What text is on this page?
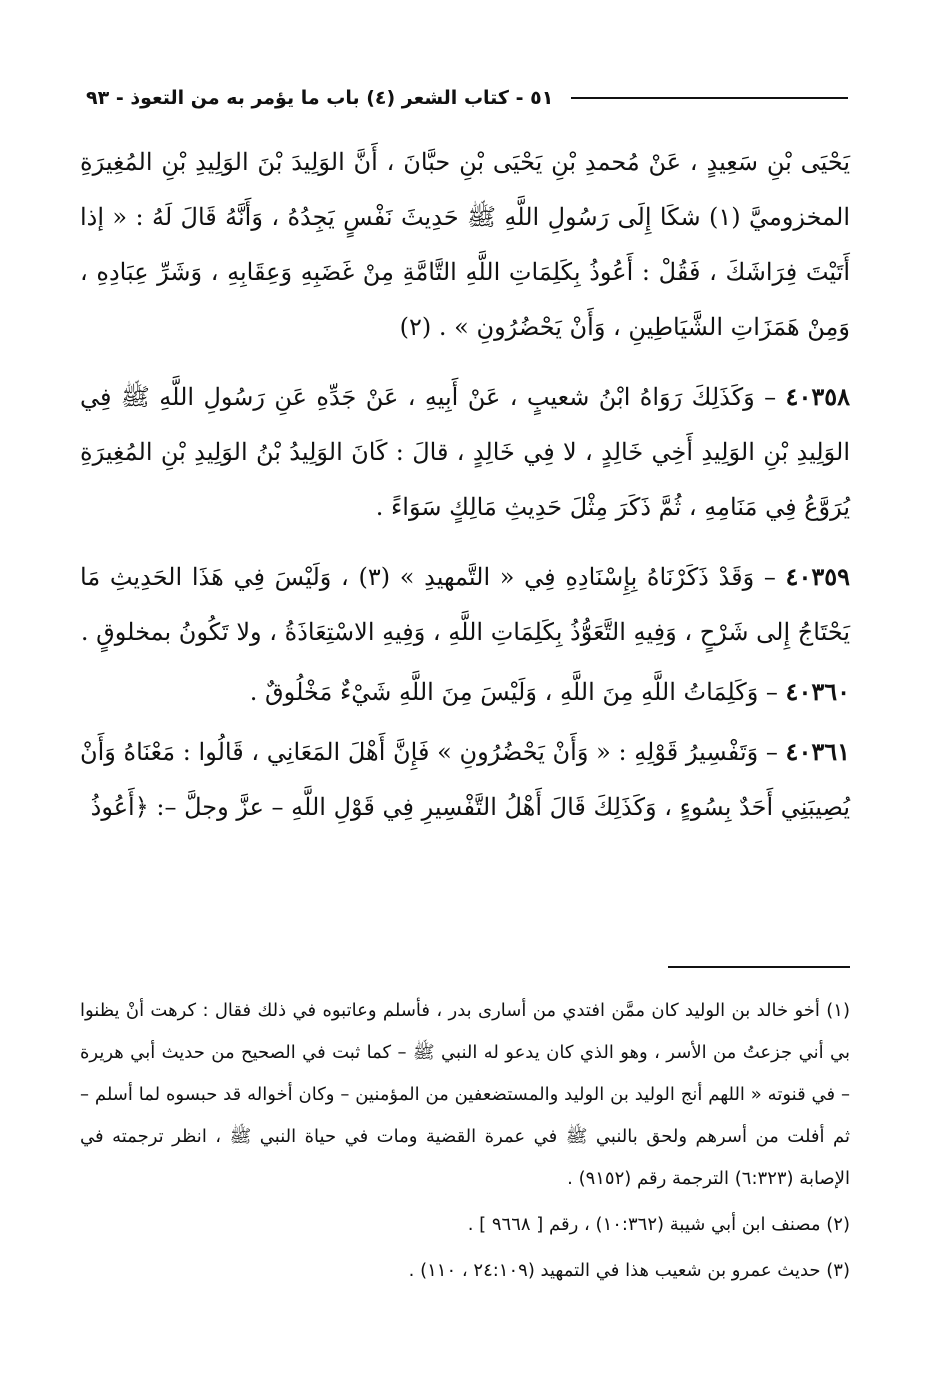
٥١ - كتاب الشعر (٤) باب ما يؤمر به من التعوذ - ٩٣

يَحْيَى بْنِ سَعِيدٍ ، عَنْ مُحمدِ بْنِ يَحْيَى بْنِ حبَّانَ ، أَنَّ الوَلِيدَ بْنَ الوَلِيدِ بْنِ المُغِيرَةِ المخزوميَّ (١) شكَا إِلَى رَسُولِ اللَّهِ ﷺ حَدِيثَ نَفْسٍ يَجِدُهُ ، وَأَنَّهُ قَالَ لَهُ : « إذا أَتَيْتَ فِرَاشَكَ ، فَقُلْ : أَعُوذُ بِكَلِمَاتِ اللَّهِ التَّامَّةِ مِنْ غَضَبِهِ وَعِقَابِهِ ، وَشَرِّ عِبَادِهِ ، وَمِنْ هَمَزَاتِ الشَّيَاطِينِ ، وَأَنْ يَحْضُرُونِ » . (٢)

٤٠٣٥٨ – وَكَذَلِكَ رَوَاهُ ابْنُ شعيبٍ ، عَنْ أَبِيهِ ، عَنْ جَدِّهِ عَنِ رَسُولِ اللَّهِ ﷺ فِي الوَلِيدِ بْنِ الوَلِيدِ أَخِي خَالِدٍ ، لا فِي خَالِدٍ ، قالَ : كَانَ الوَلِيدُ بْنُ الوَلِيدِ بْنِ المُغِيرَةِ يُرَوَّعُ فِي مَنَامِهِ ، ثُمَّ ذَكَرَ مِثْلَ حَدِيثِ مَالِكٍ سَوَاءً .

٤٠٣٥٩ – وَقَدْ ذَكَرْنَاهُ بِإِسْنَادِهِ فِي « التَّمهيدِ » (٣) ، وَلَيْسَ فِي هَذَا الحَدِيثِ مَا يَحْتَاجُ إِلى شَرْحٍ ، وَفِيهِ التَّعَوُّذُ بِكَلِمَاتِ اللَّهِ ، وَفِيهِ الاسْتِعَاذَةُ ، ولا تَكُونُ بمخلوقٍ .

٤٠٣٦٠ – وَكَلِمَاتُ اللَّهِ مِنَ اللَّهِ ، وَلَيْسَ مِنَ اللَّهِ شَيْءٌ مَخْلُوقٌ .

٤٠٣٦١ – وَتَفْسِيرُ قَوْلِهِ : « وَأَنْ يَحْضُرُونِ » فَإِنَّ أَهْلَ المَعَانِي ، قَالُوا : مَعْنَاهُ وَأَنْ يُصِيبَنِي أَحَدٌ بِسُوءٍ ، وَكَذَلِكَ قَالَ أَهْلُ التَّفْسِيرِ فِي قَوْلِ اللَّهِ – عزَّ وجلَّ –: ﴿أَعُوذُ

(١) أخو خالد بن الوليد كان ممَّن افتدي من أسارى بدر ، فأسلم وعاتبوه في ذلك فقال : كرهت أنْ يظنوا بي أني جزعتُ من الأسر ، وهو الذي كان يدعو له النبي ﷺ – كما ثبت في الصحيح من حديث أبي هريرة – في قنوته « اللهم أنج الوليد بن الوليد والمستضعفين من المؤمنين – وكان أخواله قد حبسوه لما أسلم – ثم أفلت من أسرهم ولحق بالنبي ﷺ في عمرة القضية ومات في حياة النبي ﷺ ، انظر ترجمته في الإصابة (٦:٣٢٣) الترجمة رقم (٩١٥٢) .

(٢) مصنف ابن أبي شيبة (١٠:٣٦٢) ، رقم [ ٩٦٦٨ ] .

(٣) حديث عمرو بن شعيب هذا في التمهيد (٢٤:١٠٩ ، ١١٠) .
